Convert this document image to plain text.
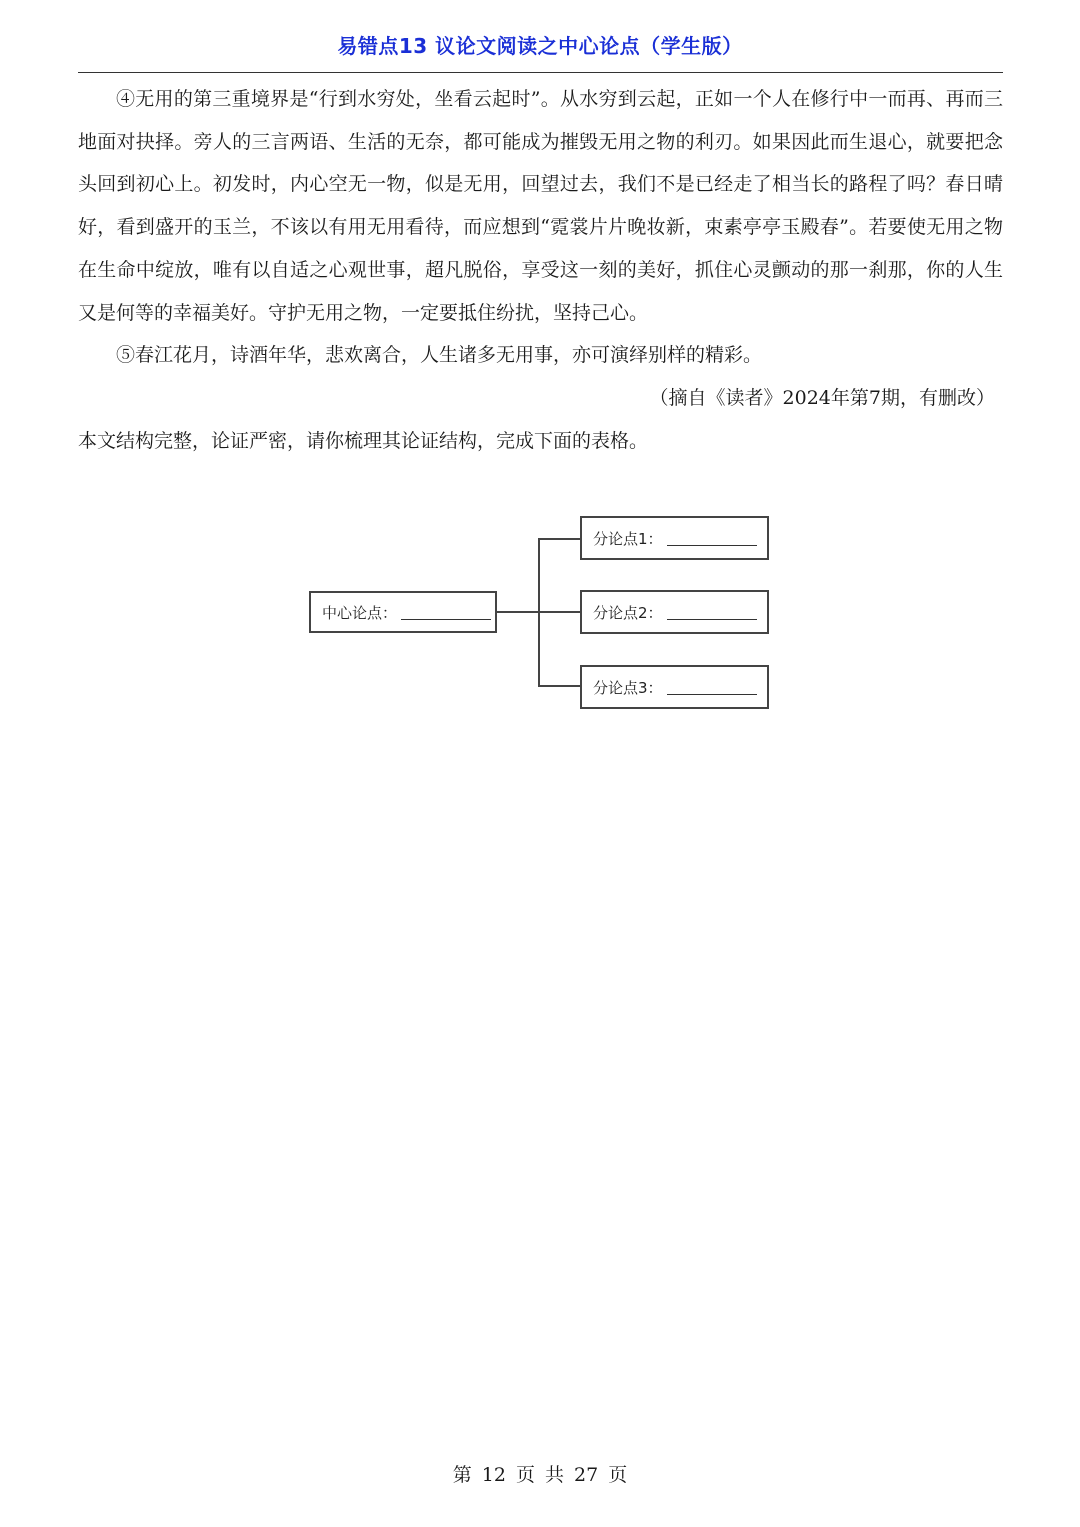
易错点13 议论文阅读之中心论点（学生版）

④无用的第三重境界是“行到水穷处，坐看云起时”。从水穷到云起，正如一个人在修行中一而再、再而三地面对抉择。旁人的三言两语、生活的无奈，都可能成为摧毁无用之物的利刃。如果因此而生退心，就要把念头回到初心上。初发时，内心空无一物，似是无用，回望过去，我们不是已经走了相当长的路程了吗？春日晴好，看到盛开的玉兰，不该以有用无用看待，而应想到“霓裳片片晚妆新，束素亭亭玉殿春”。若要使无用之物在生命中绽放，唯有以自适之心观世事，超凡脱俗，享受这一刻的美好，抓住心灵颤动的那一刹那，你的人生又是何等的幸福美好。守护无用之物，一定要抵住纷扰，坚持己心。

⑤春江花月，诗酒年华，悲欢离合，人生诸多无用事，亦可演绎别样的精彩。

（摘自《读者》2024年第7期，有删改）

本文结构完整，论证严密，请你梳理其论证结构，完成下面的表格。

中心论点：
分论点1：
分论点2：
分论点3：
第 12 页 共 27 页
